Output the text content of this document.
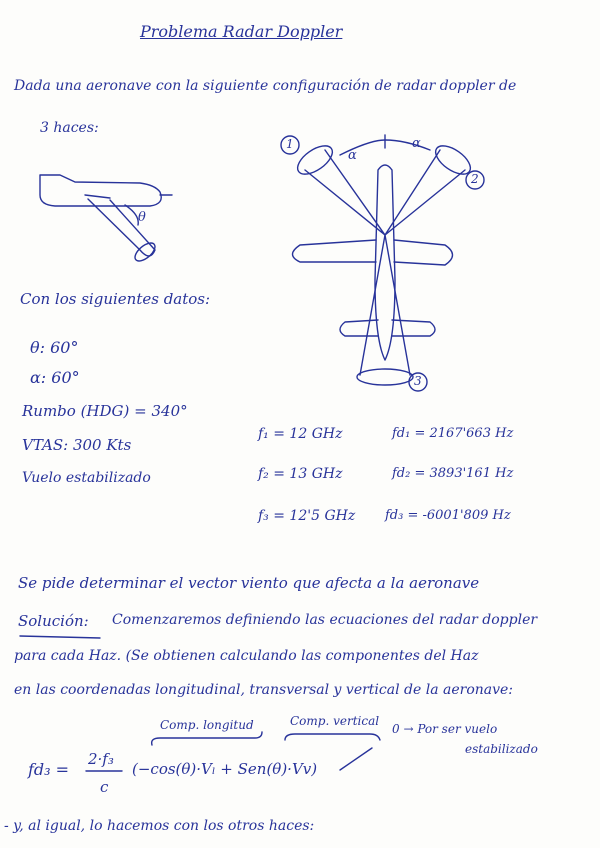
Problema Radar Doppler
Dada una aeronave con la siguiente configuración de radar doppler de
3 haces:
θ
α
α
1
2
3
Con los siguientes datos:
θ: 60°
α: 60°
Rumbo (HDG) = 340°
VTAS: 300 Kts
Vuelo estabilizado
f₁ = 12 GHz
f₂ = 13 GHz
f₃ = 12'5 GHz
fd₁ = 2167'663 Hz
fd₂ = 3893'161 Hz
fd₃ = -6001'809 Hz
Se pide determinar el vector viento que afecta a la aeronave
Solución: Comenzaremos definiendo las ecuaciones del radar doppler
para cada Haz. (Se obtienen calculando las componentes del Haz
en las coordenadas longitudinal, transversal y vertical de la aeronave:
Comp. longitud	Comp. vertical
0 → Por ser vuelo
estabilizado
fd₃ =
2·f₃
c
(−cos(θ)·Vₗ + Sen(θ)·Vv)
- y, al igual, lo hacemos con los otros haces:
